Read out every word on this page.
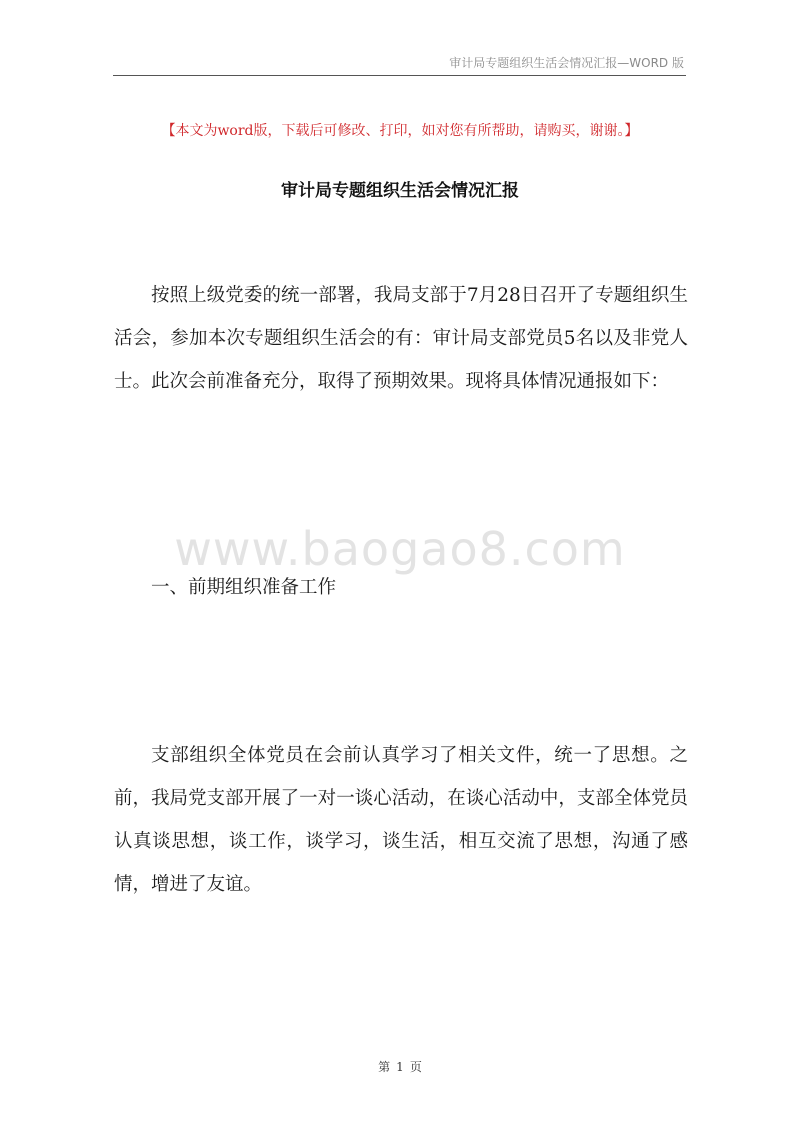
审计局专题组织生活会情况汇报—WORD 版
【本文为word版，下载后可修改、打印，如对您有所帮助，请购买，谢谢。】
审计局专题组织生活会情况汇报
按照上级党委的统一部署，我局支部于7月28日召开了专题组织生活会，参加本次专题组织生活会的有：审计局支部党员5名以及非党人士。此次会前准备充分，取得了预期效果。现将具体情况通报如下：
www.baogao8.com
一、前期组织准备工作
支部组织全体党员在会前认真学习了相关文件，统一了思想。之前，我局党支部开展了一对一谈心活动，在谈心活动中，支部全体党员认真谈思想，谈工作，谈学习，谈生活，相互交流了思想，沟通了感情，增进了友谊。
第 1 页
